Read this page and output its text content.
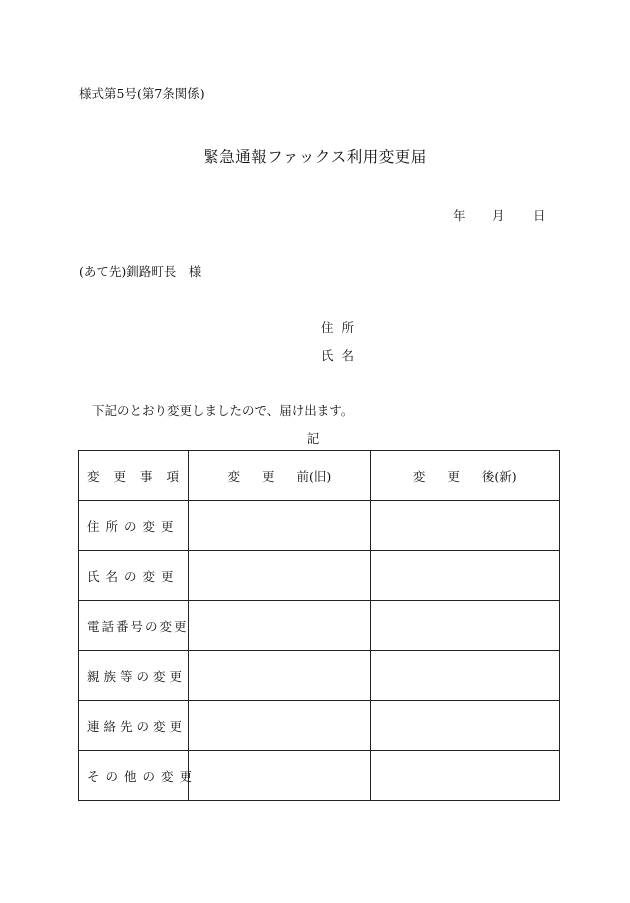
様式第5号(第7条関係)
緊急通報ファックス利用変更届
年 月 日
(あて先)釧路町長　様
住所
氏名
下記のとおり変更しましたので、届け出ます。
記
変更事項	変更前(旧)	変更後(新)
住所の変更		
氏名の変更		
電話番号の変更		
親族等の変更		
連絡先の変更		
その他の変更		
